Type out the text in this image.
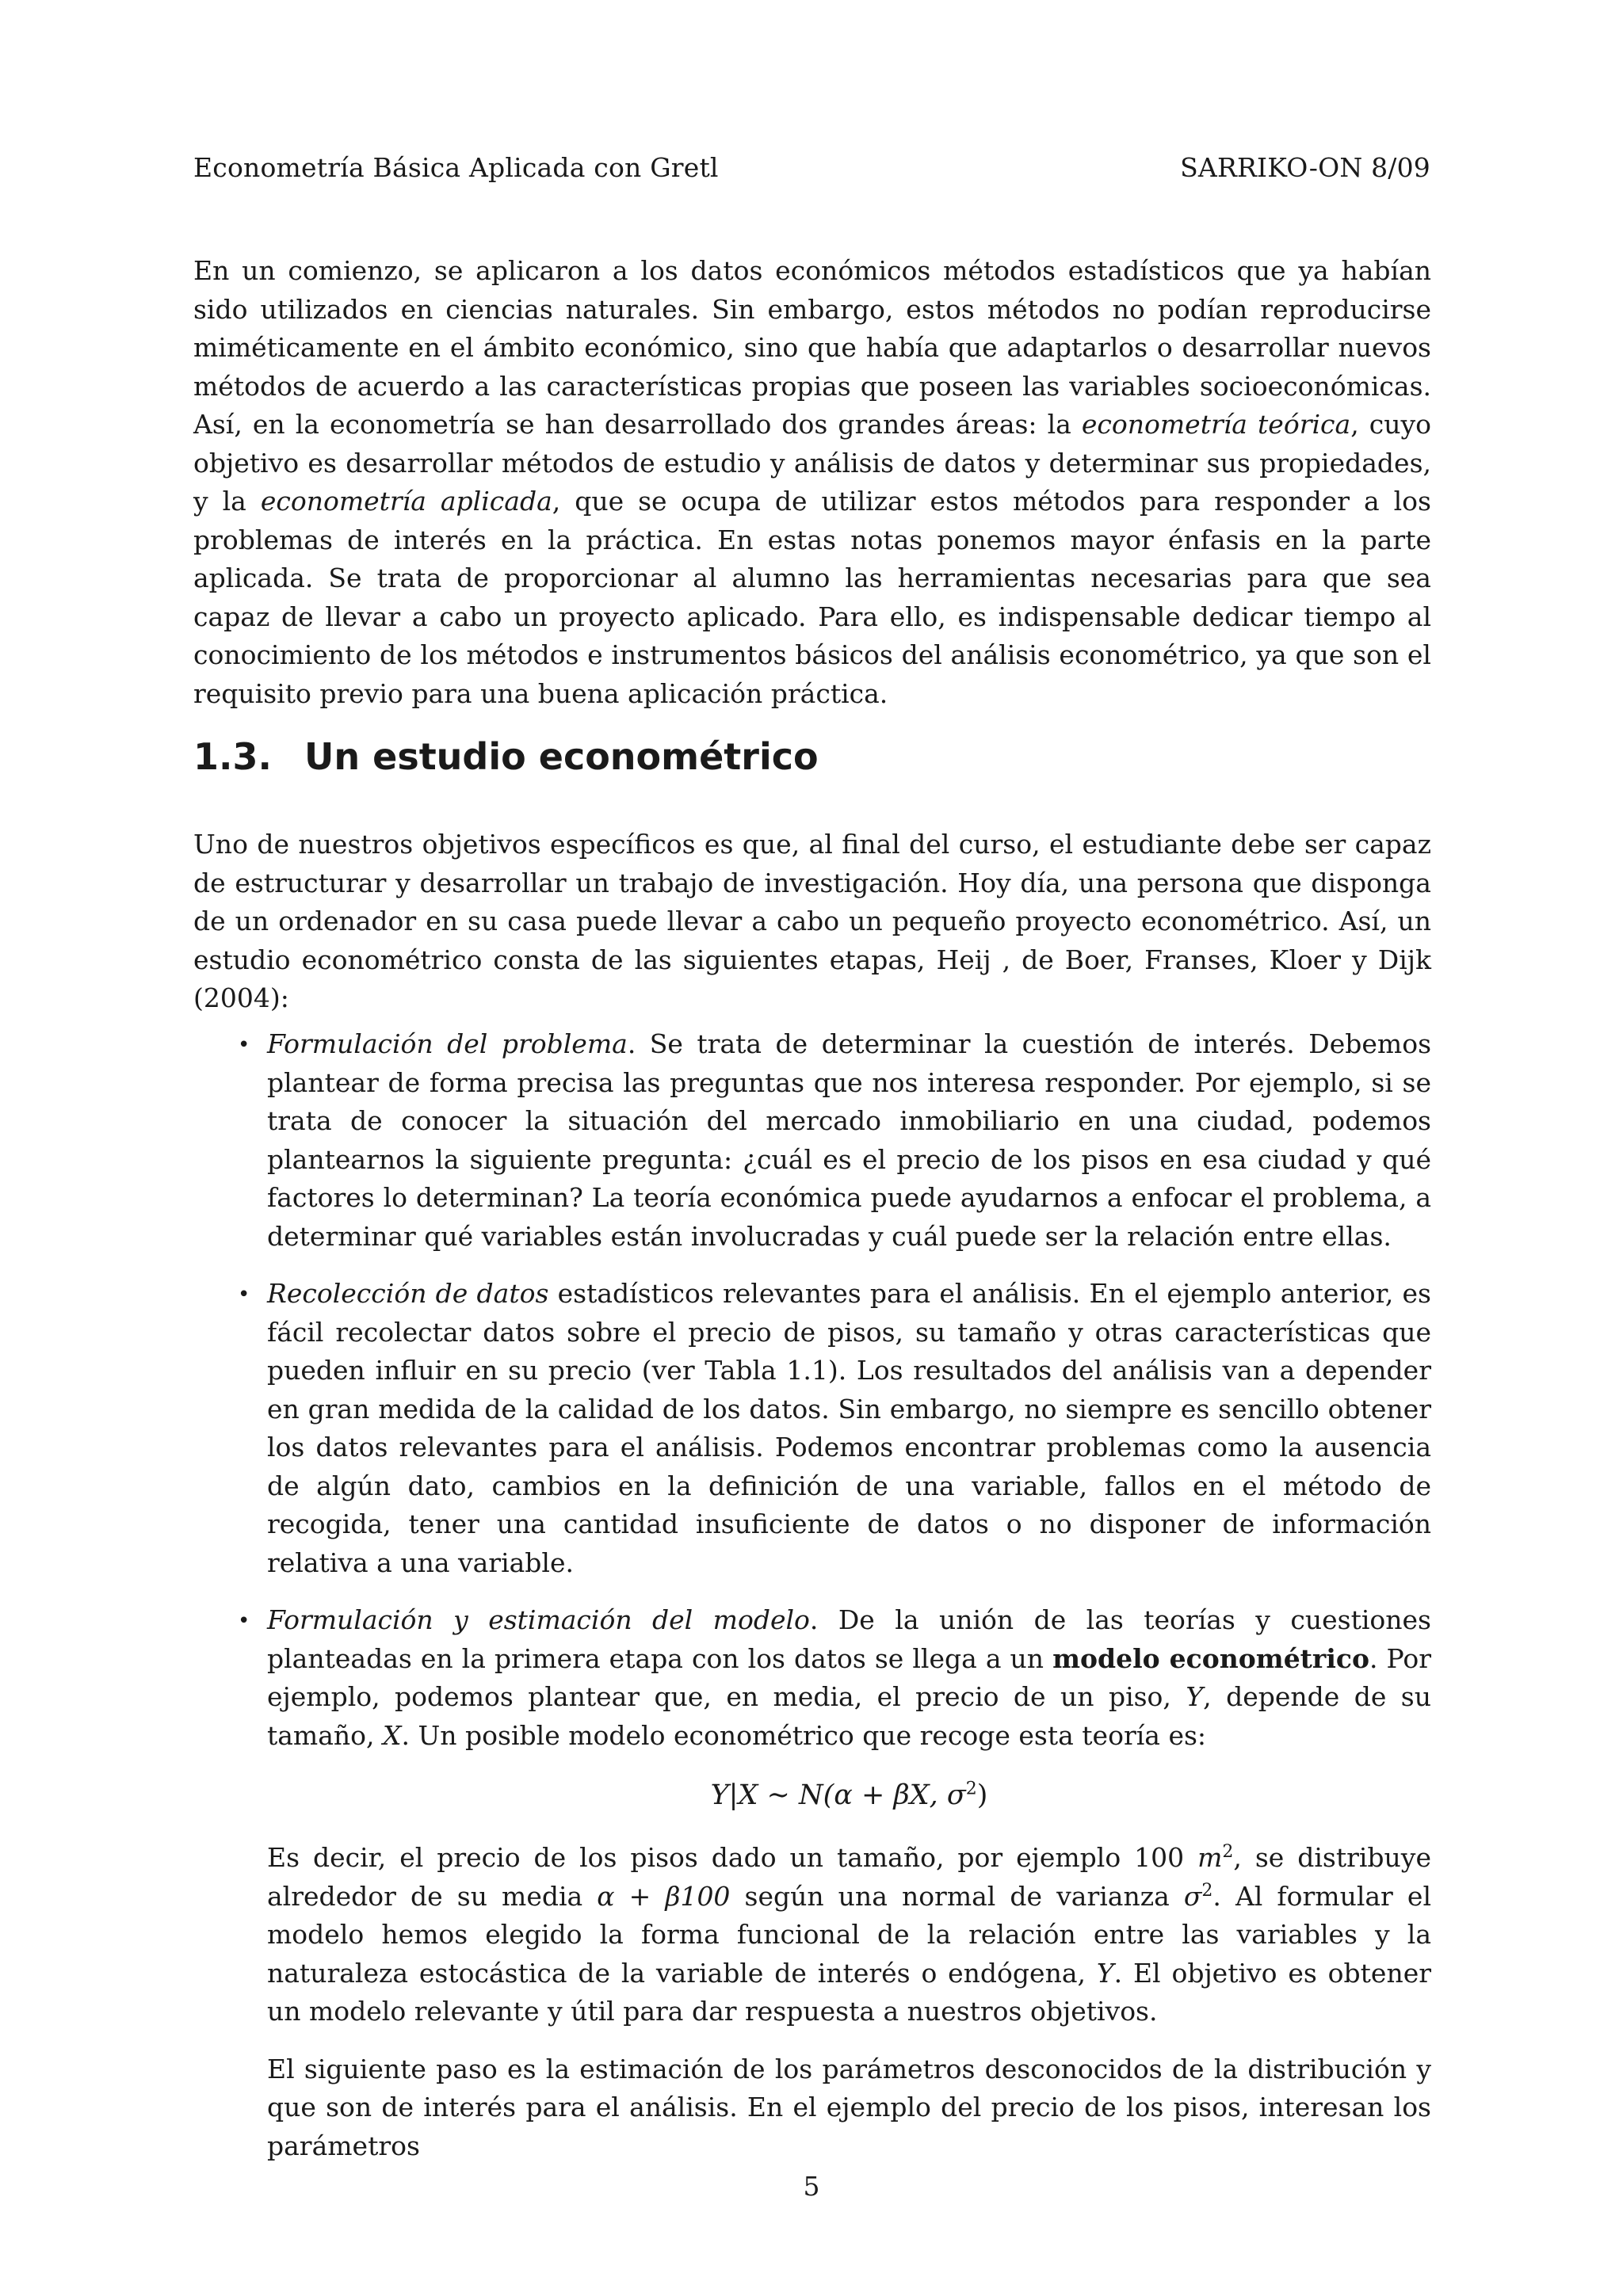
Econometría Básica Aplicada con Gretl	SARRIKO-ON 8/09

En un comienzo, se aplicaron a los datos económicos métodos estadísticos que ya habían sido utilizados en ciencias naturales. Sin embargo, estos métodos no podían reproducirse miméticamente en el ámbito económico, sino que había que adaptarlos o desarrollar nuevos métodos de acuerdo a las características propias que poseen las variables socioeconómicas. Así, en la econometría se han desarrollado dos grandes áreas: la econometría teórica, cuyo objetivo es desarrollar métodos de estudio y análisis de datos y determinar sus propiedades, y la econometría aplicada, que se ocupa de utilizar estos métodos para responder a los problemas de interés en la práctica. En estas notas ponemos mayor énfasis en la parte aplicada. Se trata de proporcionar al alumno las herramientas necesarias para que sea capaz de llevar a cabo un proyecto aplicado. Para ello, es indispensable dedicar tiempo al conocimiento de los métodos e instrumentos básicos del análisis econométrico, ya que son el requisito previo para una buena aplicación práctica.

1.3. Un estudio econométrico

Uno de nuestros objetivos específicos es que, al final del curso, el estudiante debe ser capaz de estructurar y desarrollar un trabajo de investigación. Hoy día, una persona que disponga de un ordenador en su casa puede llevar a cabo un pequeño proyecto econométrico. Así, un estudio econométrico consta de las siguientes etapas, Heij , de Boer, Franses, Kloer y Dijk (2004):

• Formulación del problema. Se trata de determinar la cuestión de interés. Debemos plantear de forma precisa las preguntas que nos interesa responder. Por ejemplo, si se trata de conocer la situación del mercado inmobiliario en una ciudad, podemos plantearnos la siguiente pregunta: ¿cuál es el precio de los pisos en esa ciudad y qué factores lo determinan? La teoría económica puede ayudarnos a enfocar el problema, a determinar qué variables están involucradas y cuál puede ser la relación entre ellas.

• Recolección de datos estadísticos relevantes para el análisis. En el ejemplo anterior, es fácil recolectar datos sobre el precio de pisos, su tamaño y otras características que pueden influir en su precio (ver Tabla 1.1). Los resultados del análisis van a depender en gran medida de la calidad de los datos. Sin embargo, no siempre es sencillo obtener los datos relevantes para el análisis. Podemos encontrar problemas como la ausencia de algún dato, cambios en la definición de una variable, fallos en el método de recogida, tener una cantidad insuficiente de datos o no disponer de información relativa a una variable.

• Formulación y estimación del modelo. De la unión de las teorías y cuestiones planteadas en la primera etapa con los datos se llega a un modelo econométrico. Por ejemplo, podemos plantear que, en media, el precio de un piso, Y, depende de su tamaño, X. Un posible modelo econométrico que recoge esta teoría es:

Y|X ∼ N(α + βX, $\sigma^2$)

Es decir, el precio de los pisos dado un tamaño, por ejemplo 100 $m^2$, se distribuye alrededor de su media α + β100 según una normal de varianza $\sigma^2$. Al formular el modelo hemos elegido la forma funcional de la relación entre las variables y la naturaleza estocástica de la variable de interés o endógena, Y. El objetivo es obtener un modelo relevante y útil para dar respuesta a nuestros objetivos.

El siguiente paso es la estimación de los parámetros desconocidos de la distribución y que son de interés para el análisis. En el ejemplo del precio de los pisos, interesan los parámetros

5
